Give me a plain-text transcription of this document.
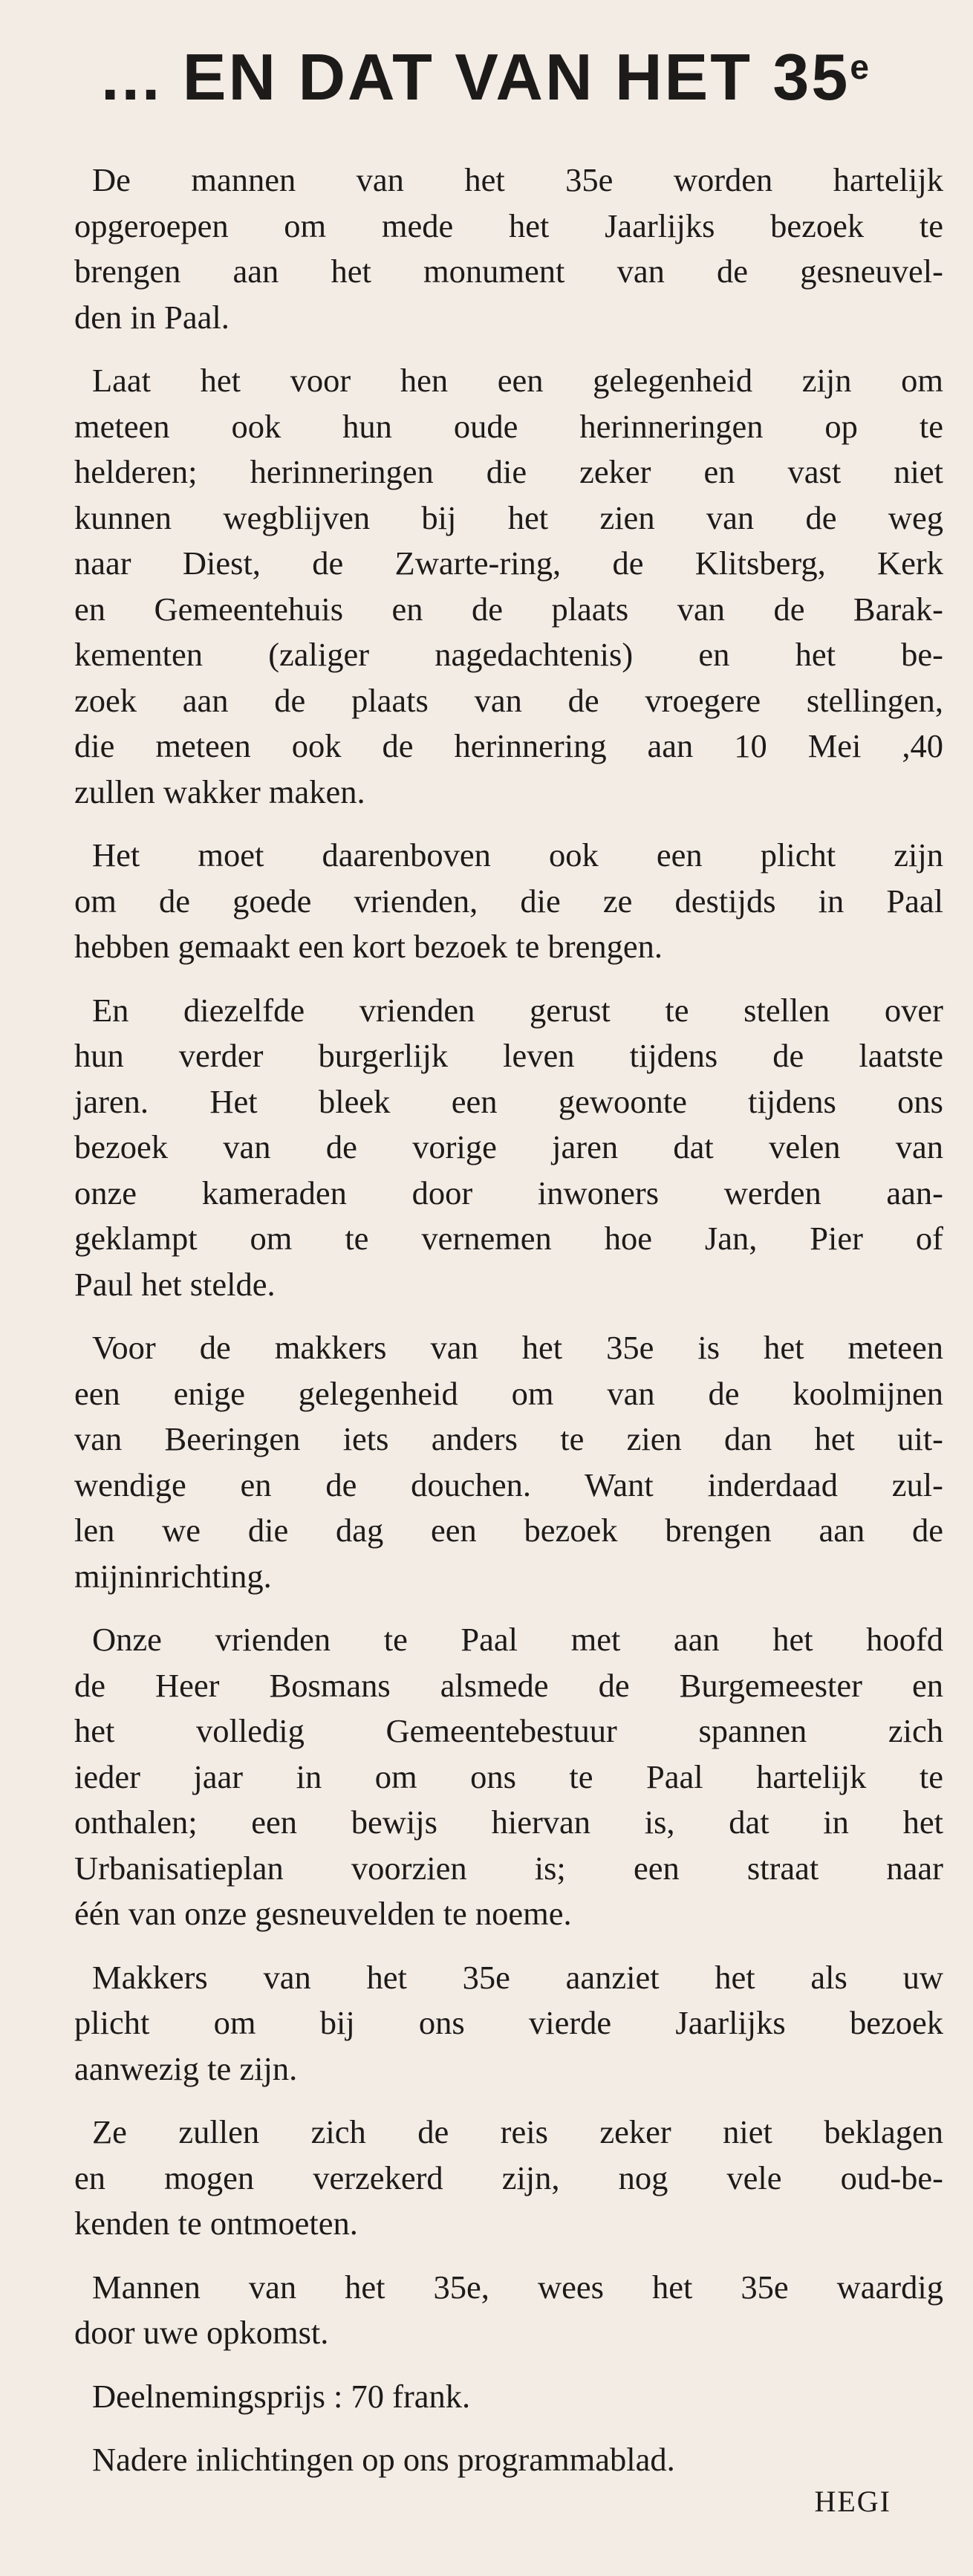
... EN DAT VAN HET 35e
De mannen van het 35e worden hartelijk
opgeroepen om mede het Jaarlijks bezoek te
brengen aan het monument van de gesneuvel-
den in Paal.
Laat het voor hen een gelegenheid zijn om
meteen ook hun oude herinneringen op te
helderen; herinneringen die zeker en vast niet
kunnen wegblijven bij het zien van de weg
naar Diest, de Zwarte-ring, de Klitsberg, Kerk
en Gemeentehuis en de plaats van de Barak-
kementen (zaliger nagedachtenis) en het be-
zoek aan de plaats van de vroegere stellingen,
die meteen ook de herinnering aan 10 Mei ,40
zullen wakker maken.
Het moet daarenboven ook een plicht zijn
om de goede vrienden, die ze destijds in Paal
hebben gemaakt een kort bezoek te brengen.
En diezelfde vrienden gerust te stellen over
hun verder burgerlijk leven tijdens de laatste
jaren. Het bleek een gewoonte tijdens ons
bezoek van de vorige jaren dat velen van
onze kameraden door inwoners werden aan-
geklampt om te vernemen hoe Jan, Pier of
Paul het stelde.
Voor de makkers van het 35e is het meteen
een enige gelegenheid om van de koolmijnen
van Beeringen iets anders te zien dan het uit-
wendige en de douchen. Want inderdaad zul-
len we die dag een bezoek brengen aan de
mijninrichting.
Onze vrienden te Paal met aan het hoofd
de Heer Bosmans alsmede de Burgemeester en
het volledig Gemeentebestuur spannen zich
ieder jaar in om ons te Paal hartelijk te
onthalen; een bewijs hiervan is, dat in het
Urbanisatieplan voorzien is; een straat naar
één van onze gesneuvelden te noeme.
Makkers van het 35e aanziet het als uw
plicht om bij ons vierde Jaarlijks bezoek
aanwezig te zijn.
Ze zullen zich de reis zeker niet beklagen
en mogen verzekerd zijn, nog vele oud-be-
kenden te ontmoeten.
Mannen van het 35e, wees het 35e waardig
door uwe opkomst.
Deelnemingsprijs : 70 frank.
Nadere inlichtingen op ons programmablad.
HEGI
